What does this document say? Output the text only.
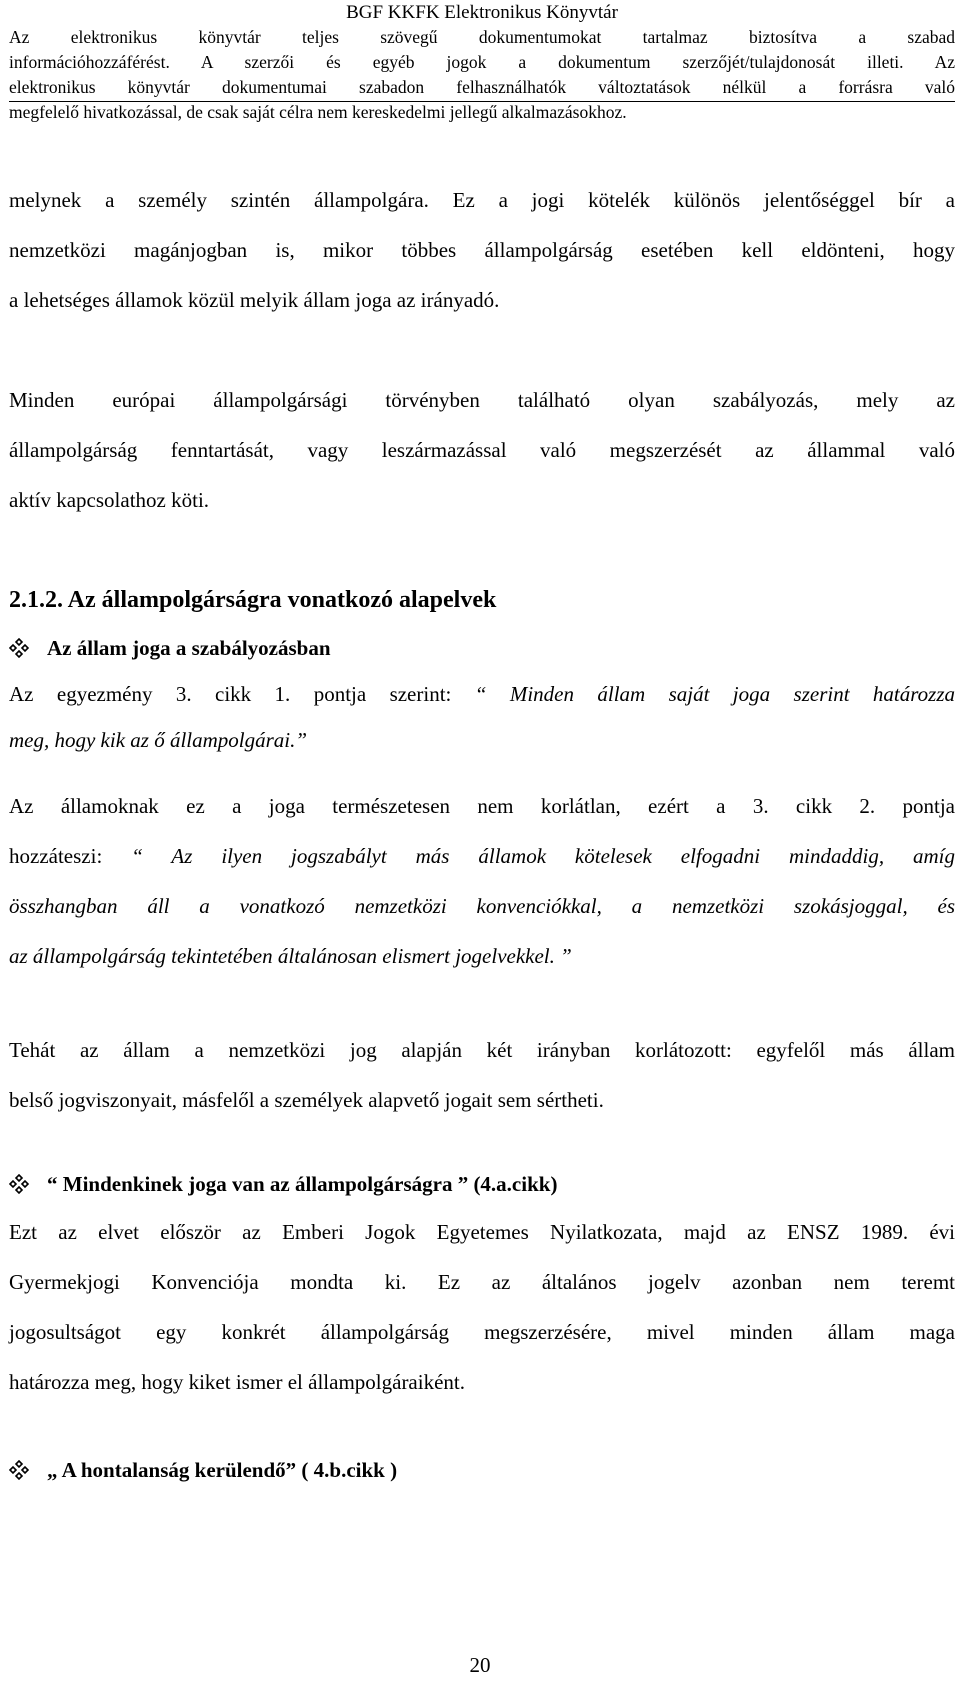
BGF KKFK Elektronikus Könyvtár

Az elektronikus könyvtár teljes szövegű dokumentumokat tartalmaz biztosítva a szabad

információhozzáférést. A szerzői és egyéb jogok a dokumentum szerzőjét/tulajdonosát illeti. Az

elektronikus könyvtár dokumentumai szabadon felhasználhatók változtatások nélkül a forrásra való

megfelelő hivatkozással, de csak saját célra nem kereskedelmi jellegű alkalmazásokhoz.

melynek a személy szintén állampolgára. Ez a jogi kötelék különös jelentőséggel bír a
nemzetközi magánjogban is, mikor többes állampolgárság esetében kell eldönteni, hogy
a lehetséges államok közül melyik állam joga az irányadó.

Minden európai állampolgársági törvényben található olyan szabályozás, mely az
állampolgárság fenntartását, vagy leszármazással való megszerzését az állammal való
aktív kapcsolathoz köti.

2.1.2. Az állampolgárságra vonatkozó alapelvek

Az állam joga a szabályozásban

Az egyezmény 3. cikk 1. pontja szerint: “ Minden állam saját joga szerint határozza
meg, hogy kik az ő állampolgárai.”

Az államoknak ez a joga természetesen nem korlátlan, ezért a 3. cikk 2. pontja
hozzáteszi: “ Az ilyen jogszabályt más államok kötelesek elfogadni mindaddig, amíg
összhangban áll a vonatkozó nemzetközi konvenciókkal, a nemzetközi szokásjoggal, és
az állampolgárság tekintetében általánosan elismert jogelvekkel. ”

Tehát az állam a nemzetközi jog alapján két irányban korlátozott: egyfelől más állam
belső jogviszonyait, másfelől a személyek alapvető jogait sem sértheti.

“ Mindenkinek joga van az állampolgárságra ” (4.a.cikk)

Ezt az elvet először az Emberi Jogok Egyetemes Nyilatkozata, majd az ENSZ 1989. évi
Gyermekjogi Konvenciója mondta ki. Ez az általános jogelv azonban nem teremt
jogosultságot egy konkrét állampolgárság megszerzésére, mivel minden állam maga
határozza meg, hogy kiket ismer el állampolgáraiként.

„ A hontalanság kerülendő” ( 4.b.cikk )

20
